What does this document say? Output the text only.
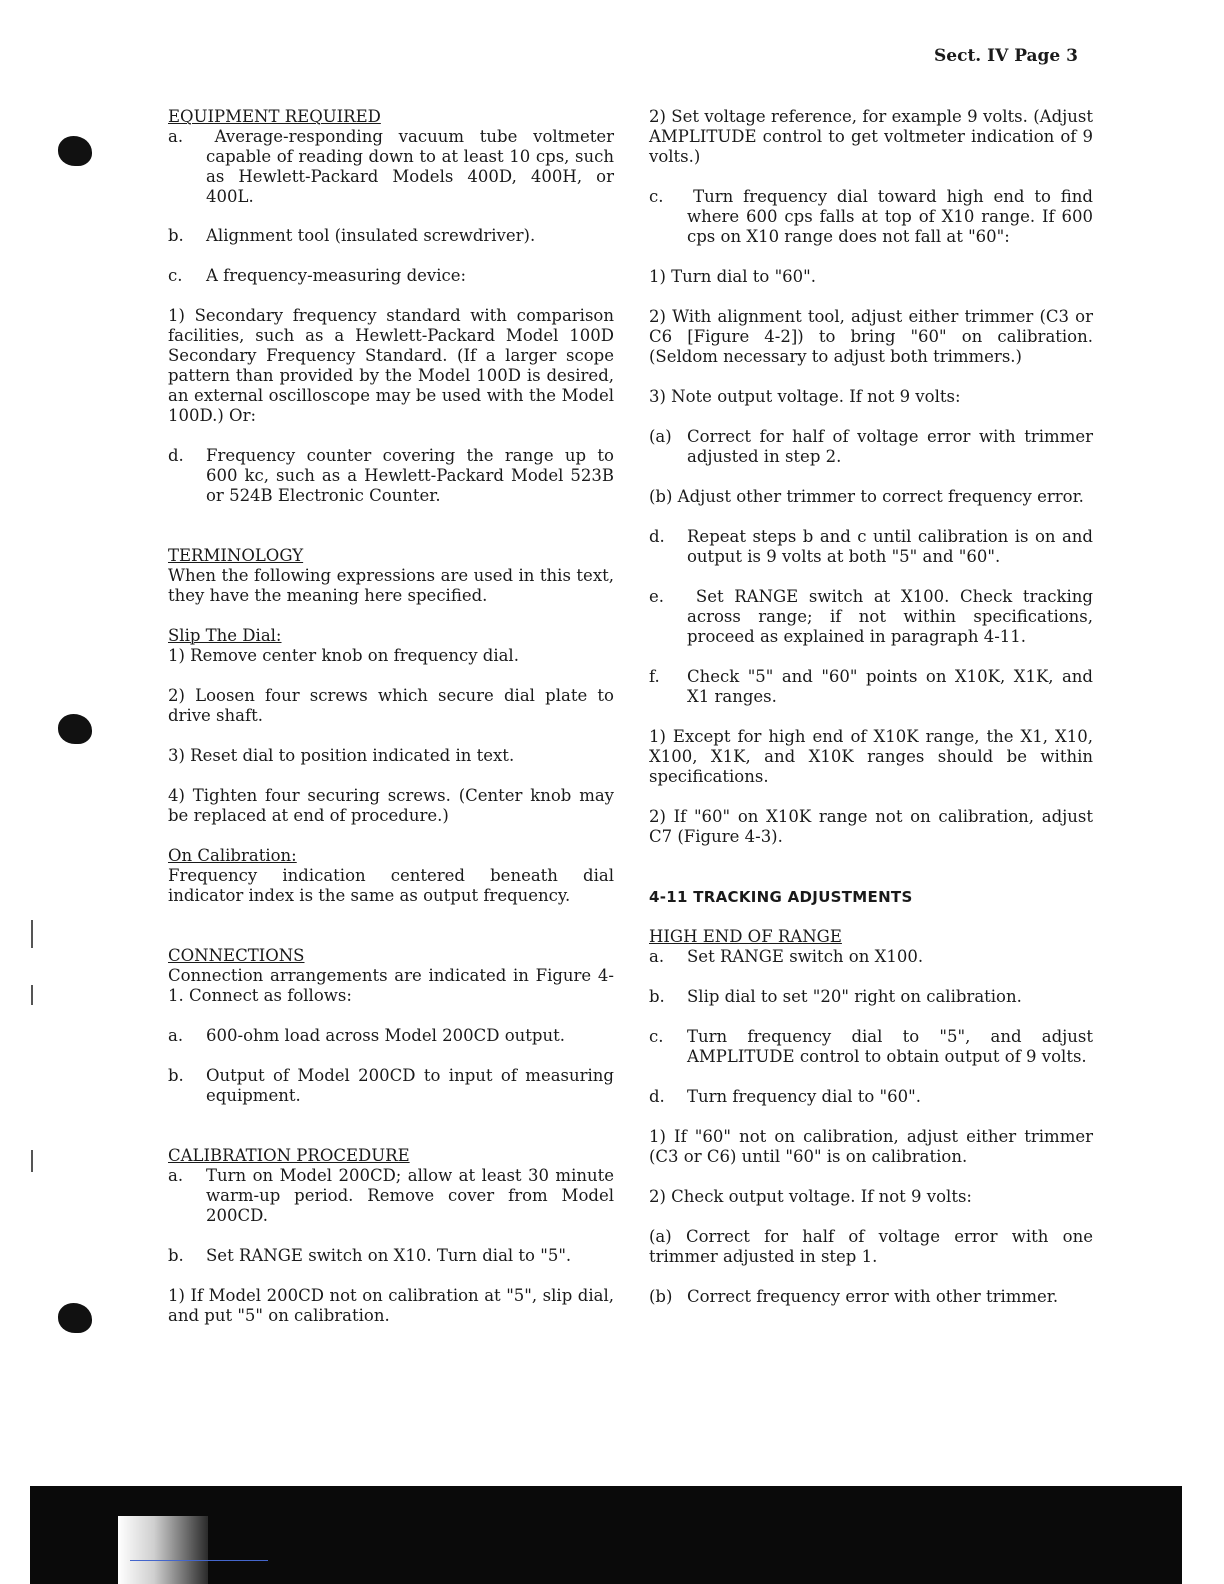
Sect. IV Page 3
EQUIPMENT REQUIRED

a. Average-responding vacuum tube voltmeter capable of reading down to at least 10 cps, such as Hewlett-Packard Models 400D, 400H, or 400L.

b.	Alignment tool (insulated screwdriver).
c.	A frequency-measuring device:

1) Secondary frequency standard with comparison facilities, such as a Hewlett-Packard Model 100D Secondary Frequency Standard. (If a larger scope pattern than provided by the Model 100D is desired, an external oscilloscope may be used with the Model 100D.) Or:

d.	Frequency counter covering the range up to 600 kc, such as a Hewlett-Packard Model 523B or 524B Electronic Counter.
TERMINOLOGY

When the following expressions are used in this text, they have the meaning here specified.

Slip The Dial:

1) Remove center knob on frequency dial.

2) Loosen four screws which secure dial plate to drive shaft.

3) Reset dial to position indicated in text.

4) Tighten four securing screws. (Center knob may be replaced at end of procedure.)

On Calibration:

Frequency indication centered beneath dial indicator index is the same as output frequency.

CONNECTIONS

Connection arrangements are indicated in Figure 4-1. Connect as follows:

a.	600-ohm load across Model 200CD output.
b.	Output of Model 200CD to input of measuring equipment.
CALIBRATION PROCEDURE
a.	Turn on Model 200CD; allow at least 30 minute warm-up period. Remove cover from Model 200CD.
b.	Set RANGE switch on X10. Turn dial to "5".

1) If Model 200CD not on calibration at "5", slip dial, and put "5" on calibration.

2) Set voltage reference, for example 9 volts. (Adjust AMPLITUDE control to get voltmeter indication of 9 volts.)

c. Turn frequency dial toward high end to find where 600 cps falls at top of X10 range. If 600 cps on X10 range does not fall at "60":

1) Turn dial to "60".

2) With alignment tool, adjust either trimmer (C3 or C6 [Figure 4-2]) to bring "60" on calibration. (Seldom necessary to adjust both trimmers.)

3) Note output voltage. If not 9 volts:

(a) Correct for half of voltage error with trimmer adjusted in step 2.

(b) Adjust other trimmer to correct frequency error.

d.	Repeat steps b and c until calibration is on and output is 9 volts at both "5" and "60".

e. Set RANGE switch at X100. Check tracking across range; if not within specifications, proceed as explained in paragraph 4-11.

f.	Check "5" and "60" points on X10K, X1K, and X1 ranges.

1) Except for high end of X10K range, the X1, X10, X100, X1K, and X10K ranges should be within specifications.

2) If "60" on X10K range not on calibration, adjust C7 (Figure 4-3).

4-11 TRACKING ADJUSTMENTS
HIGH END OF RANGE
a.	Set RANGE switch on X100.
b.	Slip dial to set "20" right on calibration.
c.	Turn frequency dial to "5", and adjust AMPLITUDE control to obtain output of 9 volts.
d.	Turn frequency dial to "60".

1) If "60" not on calibration, adjust either trimmer (C3 or C6) until "60" is on calibration.

2) Check output voltage. If not 9 volts:

(a) Correct for half of voltage error with one trimmer adjusted in step 1.

(b) Correct frequency error with other trimmer.
